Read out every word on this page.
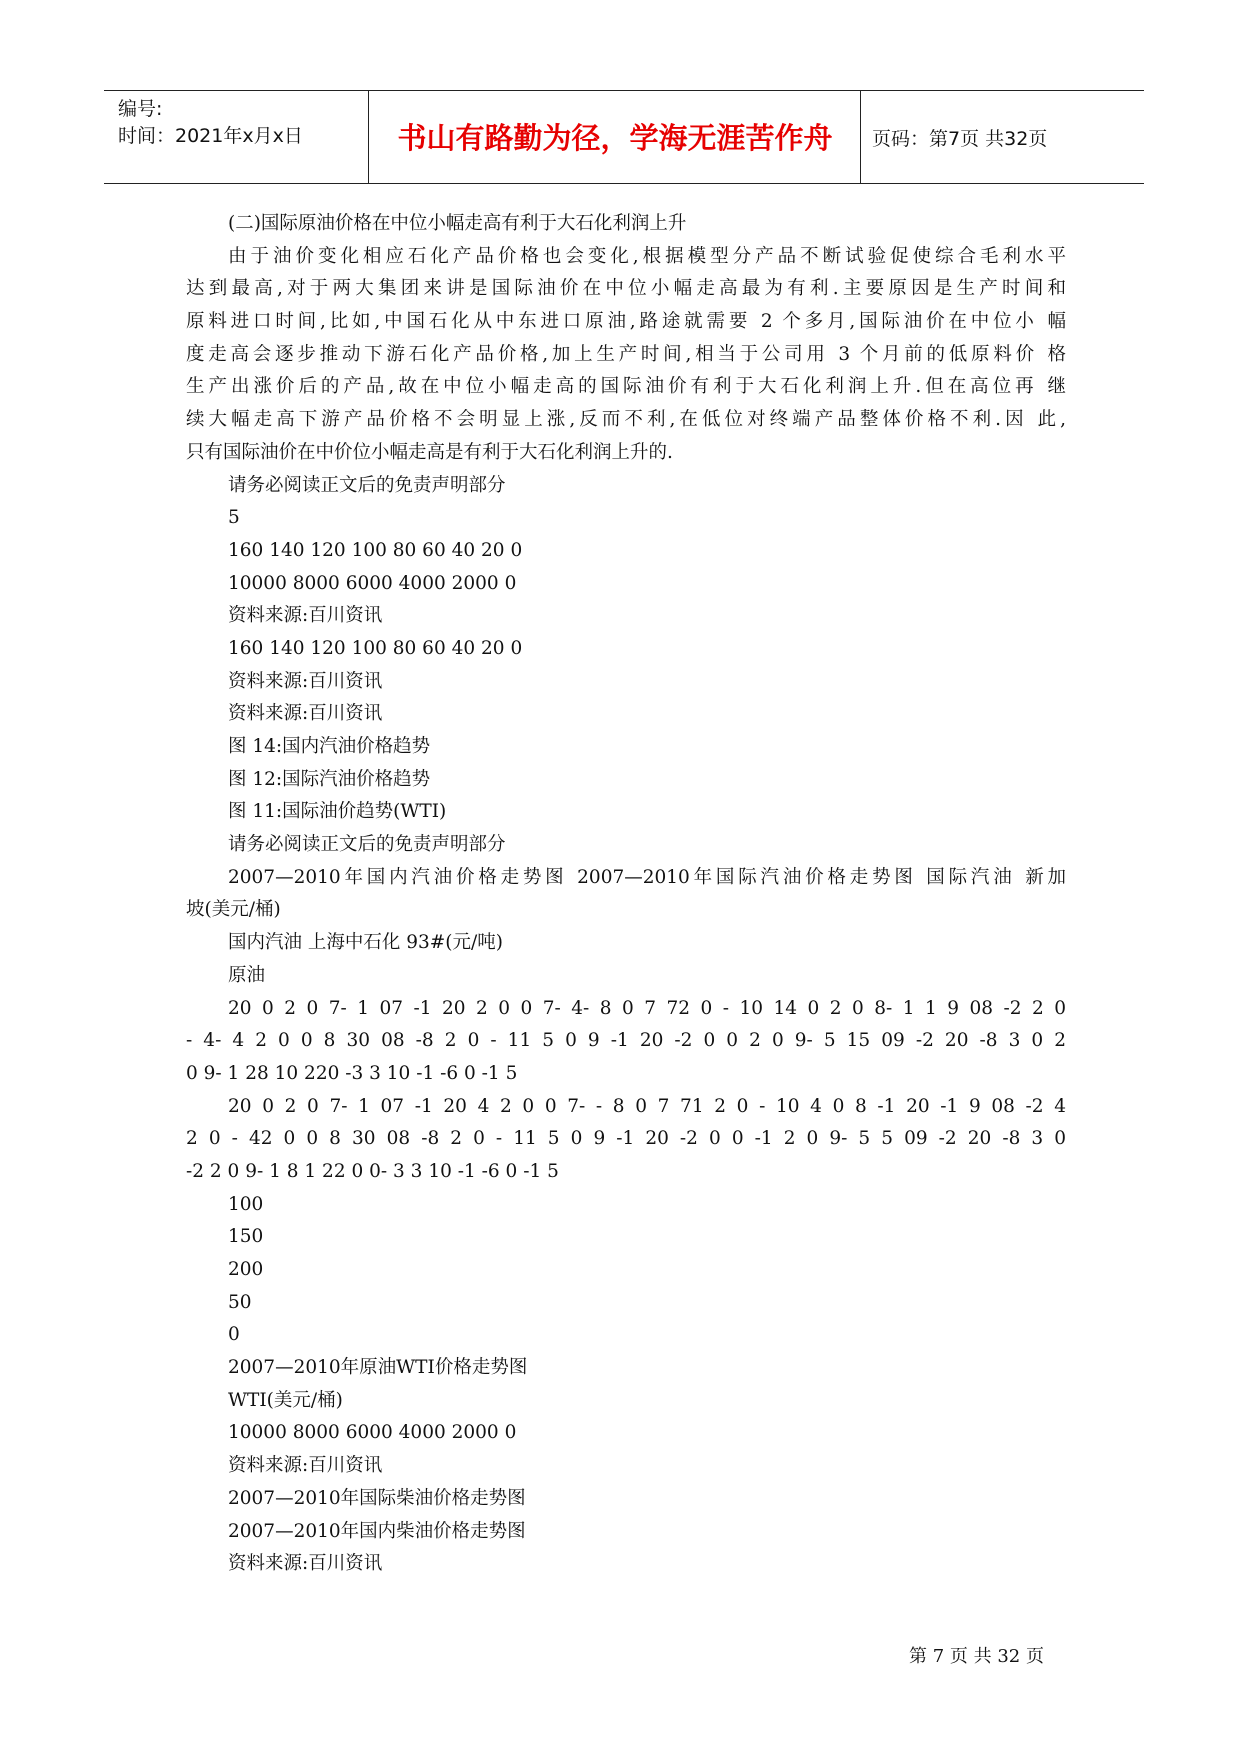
编号:
时间：2021年x月x日	书山有路勤为径，学海无涯苦作舟	页码：第7页 共32页
(二)国际原油价格在中位小幅走高有利于大石化利润上升
由于油价变化相应石化产品价格也会变化,根据模型分产品不断试验促使综合毛利水平
达到最高,对于两大集团来讲是国际油价在中位小幅走高最为有利.主要原因是生产时间和
原料进口时间,比如,中国石化从中东进口原油,路途就需要 2 个多月,国际油价在中位小 幅
度走高会逐步推动下游石化产品价格,加上生产时间,相当于公司用 3 个月前的低原料价 格
生产出涨价后的产品,故在中位小幅走高的国际油价有利于大石化利润上升.但在高位再 继
续大幅走高下游产品价格不会明显上涨,反而不利,在低位对终端产品整体价格不利.因 此,
只有国际油价在中价位小幅走高是有利于大石化利润上升的.
请务必阅读正文后的免责声明部分
5
160 140 120 100 80 60 40 20 0
10000 8000 6000 4000 2000 0
资料来源:百川资讯
160 140 120 100 80 60 40 20 0
资料来源:百川资讯
资料来源:百川资讯
图 14:国内汽油价格趋势
图 12:国际汽油价格趋势
图 11:国际油价趋势(WTI)
请务必阅读正文后的免责声明部分
2007—2010年国内汽油价格走势图 2007—2010年国际汽油价格走势图 国际汽油 新加
坡(美元/桶)
国内汽油 上海中石化 93#(元/吨)
原油
20 0 2 0 7- 1 07 -1 20 2 0 0 7- 4- 8 0 7 72 0 - 10 14 0 2 0 8- 1 1 9 08 -2 2 0
- 4- 4 2 0 0 8 30 08 -8 2 0 - 11 5 0 9 -1 20 -2 0 0 2 0 9- 5 15 09 -2 20 -8 3 0 2
0 9- 1 28 10 220 -3 3 10 -1 -6 0 -1 5
20 0 2 0 7- 1 07 -1 20 4 2 0 0 7- - 8 0 7 71 2 0 - 10 4 0 8 -1 20 -1 9 08 -2 4
2 0 - 42 0 0 8 30 08 -8 2 0 - 11 5 0 9 -1 20 -2 0 0 -1 2 0 9- 5 5 09 -2 20 -8 3 0
-2 2 0 9- 1 8 1 22 0 0- 3 3 10 -1 -6 0 -1 5
100
150
200
50
0
2007—2010年原油WTI价格走势图
WTI(美元/桶)
10000 8000 6000 4000 2000 0
资料来源:百川资讯
2007—2010年国际柴油价格走势图
2007—2010年国内柴油价格走势图
资料来源:百川资讯
第 7 页 共 32 页
